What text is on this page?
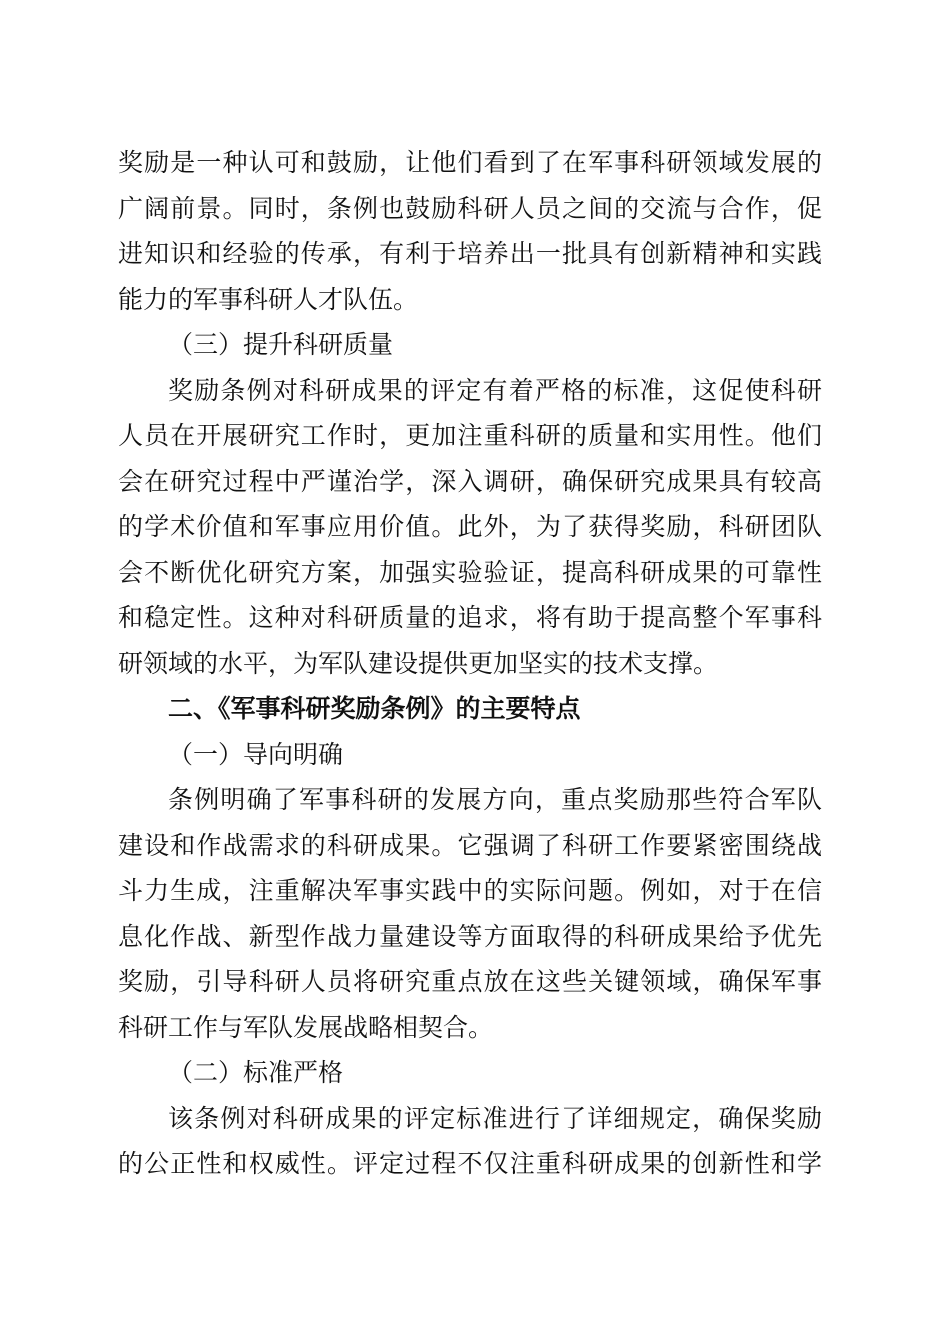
奖励是一种认可和鼓励，让他们看到了在军事科研领域发展的
广阔前景。同时，条例也鼓励科研人员之间的交流与合作，促
进知识和经验的传承，有利于培养出一批具有创新精神和实践
能力的军事科研人才队伍。
（三）提升科研质量
奖励条例对科研成果的评定有着严格的标准，这促使科研
人员在开展研究工作时，更加注重科研的质量和实用性。他们
会在研究过程中严谨治学，深入调研，确保研究成果具有较高
的学术价值和军事应用价值。此外，为了获得奖励，科研团队
会不断优化研究方案，加强实验验证，提高科研成果的可靠性
和稳定性。这种对科研质量的追求，将有助于提高整个军事科
研领域的水平，为军队建设提供更加坚实的技术支撑。
二、《军事科研奖励条例》的主要特点
（一）导向明确
条例明确了军事科研的发展方向，重点奖励那些符合军队
建设和作战需求的科研成果。它强调了科研工作要紧密围绕战
斗力生成，注重解决军事实践中的实际问题。例如，对于在信
息化作战、新型作战力量建设等方面取得的科研成果给予优先
奖励，引导科研人员将研究重点放在这些关键领域，确保军事
科研工作与军队发展战略相契合。
（二）标准严格
该条例对科研成果的评定标准进行了详细规定，确保奖励
的公正性和权威性。评定过程不仅注重科研成果的创新性和学
